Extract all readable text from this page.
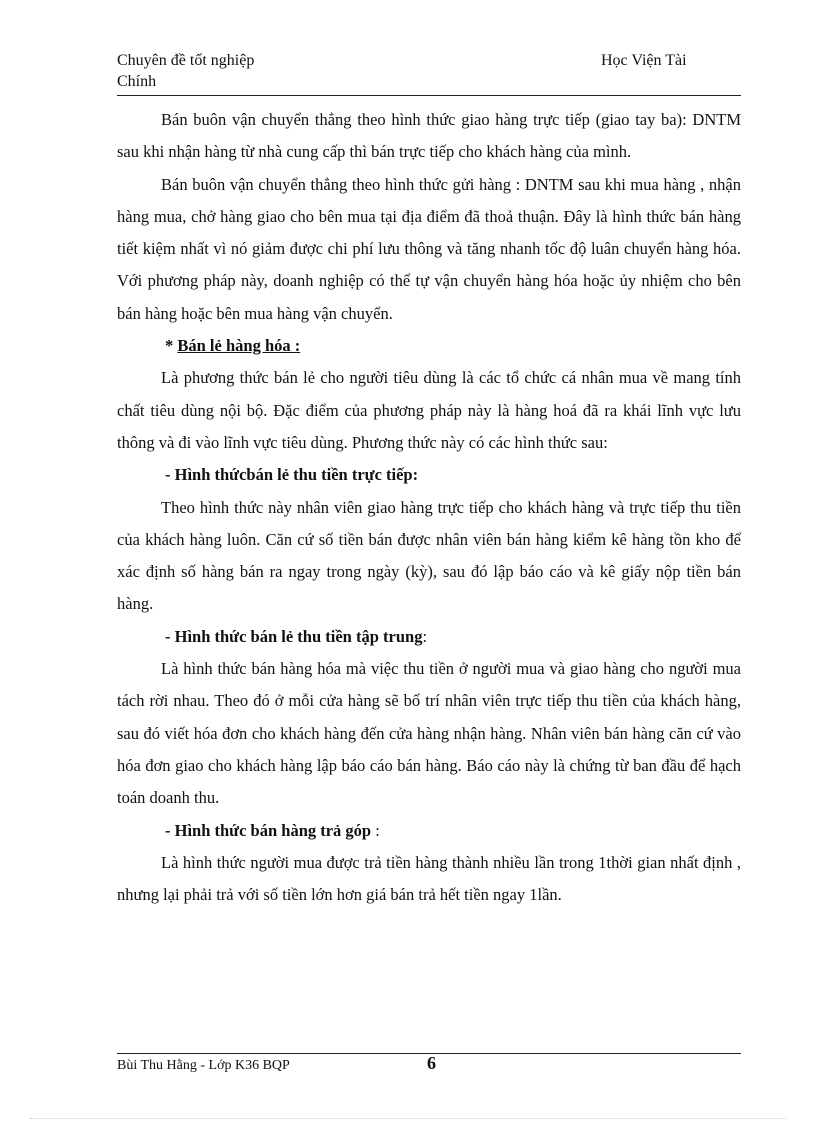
Chuyên đề tốt nghiệp
Chính
Học Viện Tài

Bán buôn vận chuyển thẳng theo hình thức giao hàng trực tiếp (giao tay ba): DNTM sau khi nhận hàng từ nhà cung cấp thì bán trực tiếp cho khách hàng của mình.

Bán buôn vận chuyển thẳng theo hình thức gửi hàng : DNTM sau khi mua hàng , nhận hàng mua, chở hàng giao cho bên mua tại địa điểm đã thoả thuận. Đây là hình thức bán hàng tiết kiệm nhất vì nó giảm được chi phí lưu thông và tăng nhanh tốc độ luân chuyển hàng hóa. Với phương pháp này, doanh nghiệp có thể tự vận chuyển hàng hóa hoặc ủy nhiệm cho bên bán hàng hoặc bên mua hàng vận chuyển.

* Bán lẻ hàng hóa :

Là phương thức bán lẻ cho người tiêu dùng là các tổ chức cá nhân mua về mang tính chất tiêu dùng nội bộ. Đặc điểm của phương pháp này là hàng hoá đã ra khái lĩnh vực lưu thông và đi vào lĩnh vực tiêu dùng. Phương thức này có các hình thức sau:

- Hình thứcbán lẻ thu tiền trực tiếp:

Theo hình thức này nhân viên giao hàng trực tiếp cho khách hàng và trực tiếp thu tiền của khách hàng luôn. Căn cứ số tiền bán được nhân viên bán hàng kiểm kê hàng tồn kho để xác định số hàng bán ra ngay trong ngày (kỳ), sau đó lập báo cáo và kê giấy nộp tiền bán hàng.

- Hình thức bán lẻ thu tiền tập trung:

Là hình thức bán hàng hóa mà việc thu tiền ở người mua và giao hàng cho người mua tách rời nhau. Theo đó ở mỗi cửa hàng sẽ bố trí nhân viên trực tiếp thu tiền của khách hàng, sau đó viết hóa đơn cho khách hàng đến cửa hàng nhận hàng. Nhân viên bán hàng căn cứ vào hóa đơn giao cho khách hàng lập báo cáo bán hàng. Báo cáo này là chứng từ ban đầu để hạch toán doanh thu.

- Hình thức bán hàng trả góp :

Là hình thức người mua được trả tiền hàng thành nhiều lần trong 1thời gian nhất định , nhưng lại phải trả với số tiền lớn hơn giá bán trả hết tiền ngay 1lần.

Bùi Thu Hằng - Lớp K36 BQP	6
